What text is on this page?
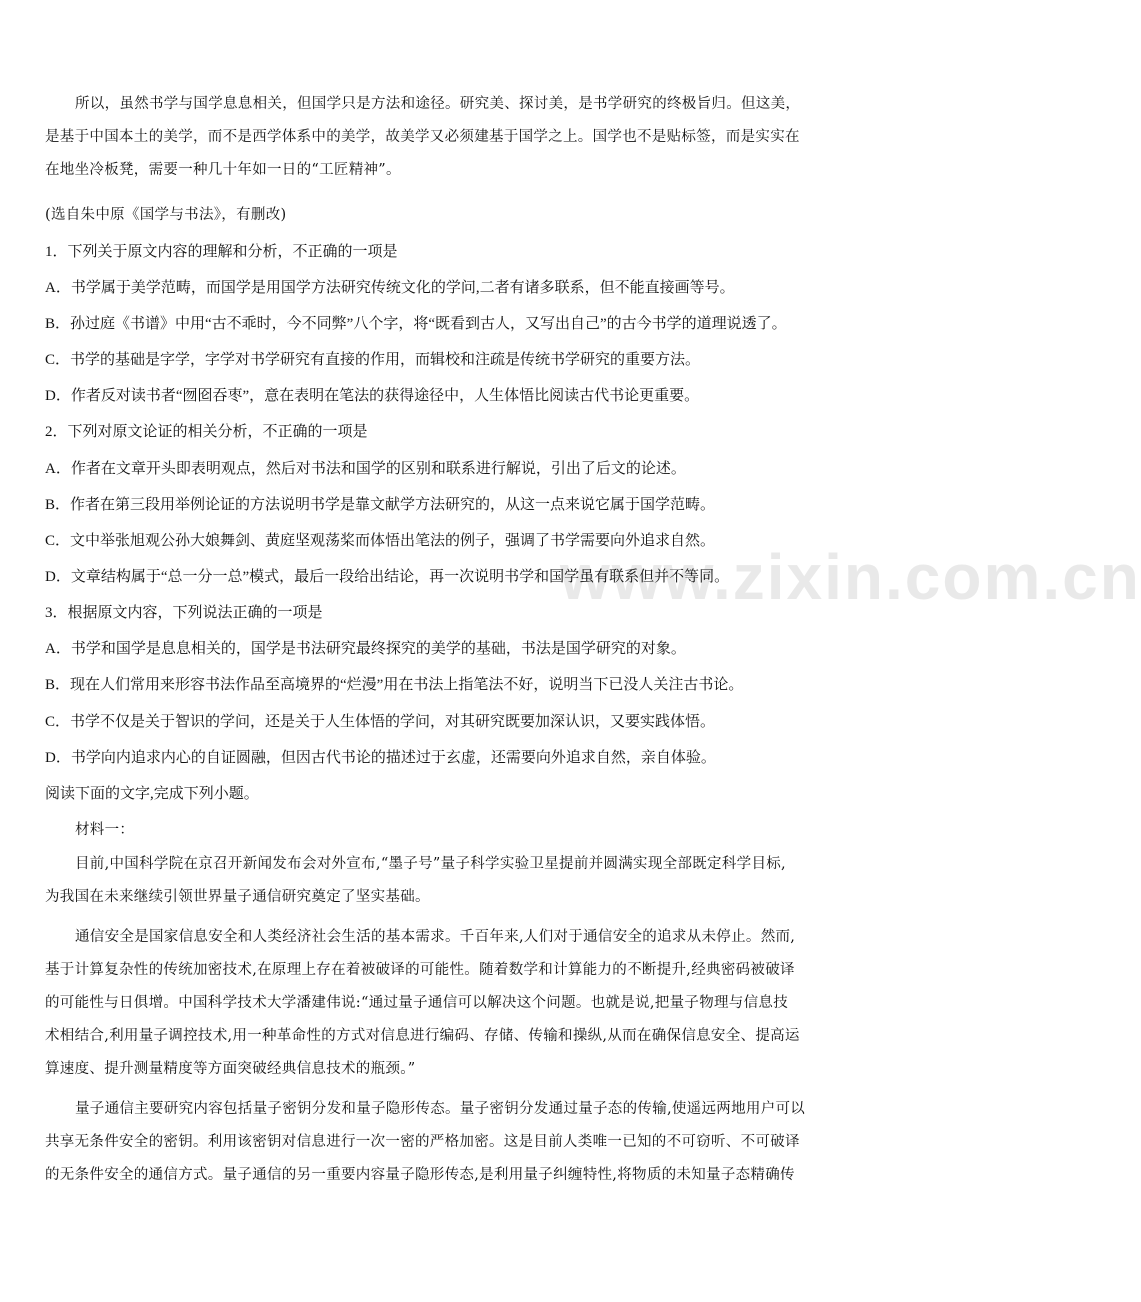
www.zixin.com.cn
所以，虽然书学与国学息息相关，但国学只是方法和途径。研究美、探讨美，是书学研究的终极旨归。但这美，
是基于中国本土的美学，而不是西学体系中的美学，故美学又必须建基于国学之上。国学也不是贴标签，而是实实在
在地坐冷板凳，需要一种几十年如一日的“工匠精神”。
(选自朱中原《国学与书法》，有删改)
1．下列关于原文内容的理解和分析，不正确的一项是
A．书学属于美学范畴，而国学是用国学方法研究传统文化的学问,二者有诸多联系，但不能直接画等号。
B．孙过庭《书谱》中用“古不乖时，今不同弊”八个字，将“既看到古人，又写出自己”的古今书学的道理说透了。
C．书学的基础是字学，字学对书学研究有直接的作用，而辑校和注疏是传统书学研究的重要方法。
D．作者反对读书者“囫囵吞枣”，意在表明在笔法的获得途径中，人生体悟比阅读古代书论更重要。
2．下列对原文论证的相关分析，不正确的一项是
A．作者在文章开头即表明观点，然后对书法和国学的区别和联系进行解说，引出了后文的论述。
B．作者在第三段用举例论证的方法说明书学是靠文献学方法研究的，从这一点来说它属于国学范畴。
C．文中举张旭观公孙大娘舞剑、黄庭坚观荡桨而体悟出笔法的例子，强调了书学需要向外追求自然。
D．文章结构属于“总一分一总”模式，最后一段给出结论，再一次说明书学和国学虽有联系但并不等同。
3．根据原文内容，下列说法正确的一项是
A．书学和国学是息息相关的，国学是书法研究最终探究的美学的基础，书法是国学研究的对象。
B．现在人们常用来形容书法作品至高境界的“烂漫”用在书法上指笔法不好，说明当下已没人关注古书论。
C．书学不仅是关于智识的学问，还是关于人生体悟的学问，对其研究既要加深认识，又要实践体悟。
D．书学向内追求内心的自证圆融，但因古代书论的描述过于玄虚，还需要向外追求自然，亲自体验。
阅读下面的文字,完成下列小题。
材料一：
目前,中国科学院在京召开新闻发布会对外宣布,“墨子号”量子科学实验卫星提前并圆满实现全部既定科学目标,
为我国在未来继续引领世界量子通信研究奠定了坚实基础。
通信安全是国家信息安全和人类经济社会生活的基本需求。千百年来,人们对于通信安全的追求从未停止。然而,
基于计算复杂性的传统加密技术,在原理上存在着被破译的可能性。随着数学和计算能力的不断提升,经典密码被破译
的可能性与日俱增。中国科学技术大学潘建伟说:“通过量子通信可以解决这个问题。也就是说,把量子物理与信息技
术相结合,利用量子调控技术,用一种革命性的方式对信息进行编码、存储、传输和操纵,从而在确保信息安全、提高运
算速度、提升测量精度等方面突破经典信息技术的瓶颈。”
量子通信主要研究内容包括量子密钥分发和量子隐形传态。量子密钥分发通过量子态的传输,使遥远两地用户可以
共享无条件安全的密钥。利用该密钥对信息进行一次一密的严格加密。这是目前人类唯一已知的不可窃听、不可破译
的无条件安全的通信方式。量子通信的另一重要内容量子隐形传态,是利用量子纠缠特性,将物质的未知量子态精确传
